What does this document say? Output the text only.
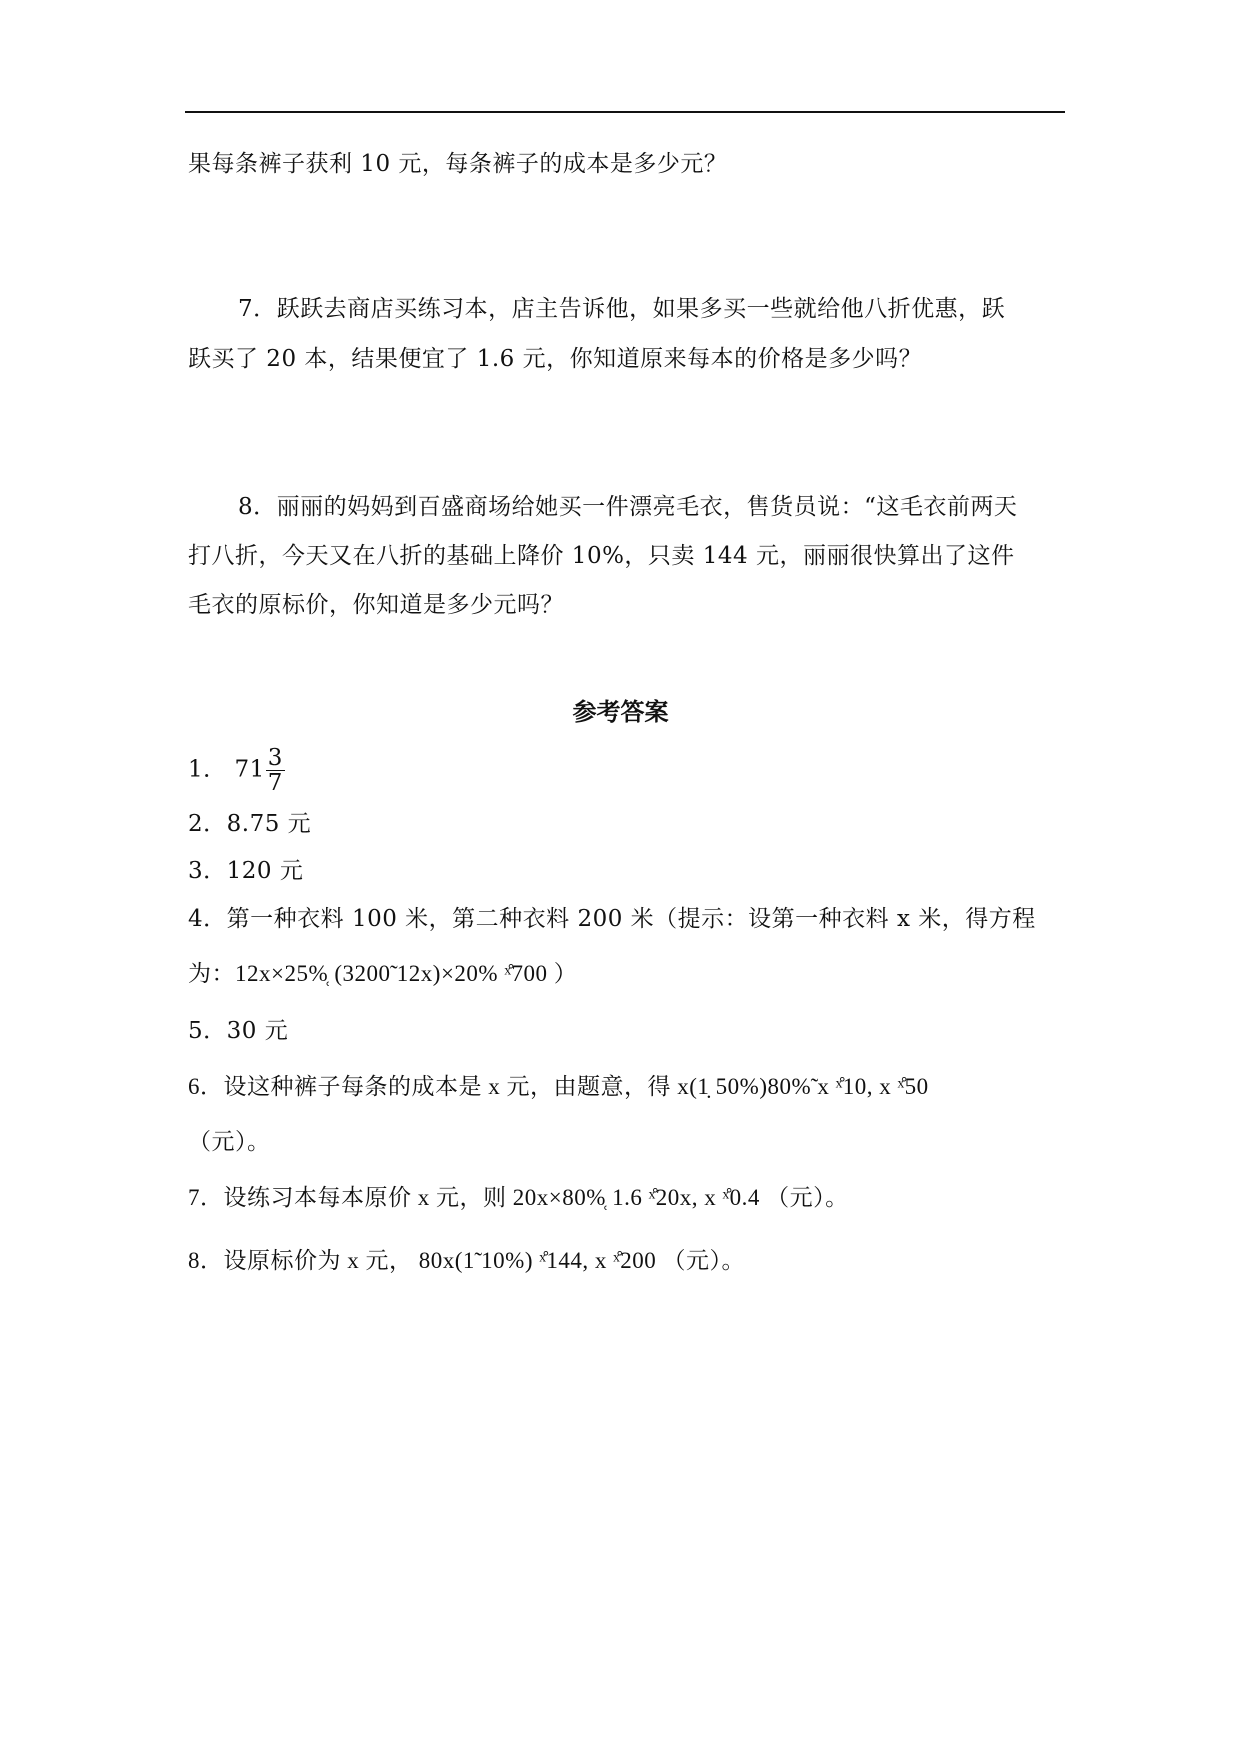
果每条裤子获利 10 元，每条裤子的成本是多少元？
7．跃跃去商店买练习本，店主告诉他，如果多买一些就给他八折优惠，跃
跃买了 20 本，结果便宜了 1.6 元，你知道原来每本的价格是多少吗？
8．丽丽的妈妈到百盛商场给她买一件漂亮毛衣，售货员说：“这毛衣前两天
打八折，今天又在八折的基础上降价 10%，只卖 144 元，丽丽很快算出了这件
毛衣的原标价，你知道是多少元吗？
参考答案
1． $71 \frac{3}{7}$
2．8.75 元
3．120 元
4．第一种衣料 100 米，第二种衣料 200 米（提示：设第一种衣料 x 米，得方程
为：12x×25%̜ (3200̃ 12x)×20% ˣ̊700 ）
5．30 元
6．设这种裤子每条的成本是 x 元，由题意，得 x(1̣ 50%)80%̃ x ˣ̊10, x ˣ̊50
（元）。
7．设练习本每本原价 x 元，则 20x×80%̜ 1.6 ˣ̊20x, x ˣ̊0.4 （元）。
8．设原标价为 x 元， 80x(1̃ 10%) ˣ̊144, x ˣ̊200 （元）。
